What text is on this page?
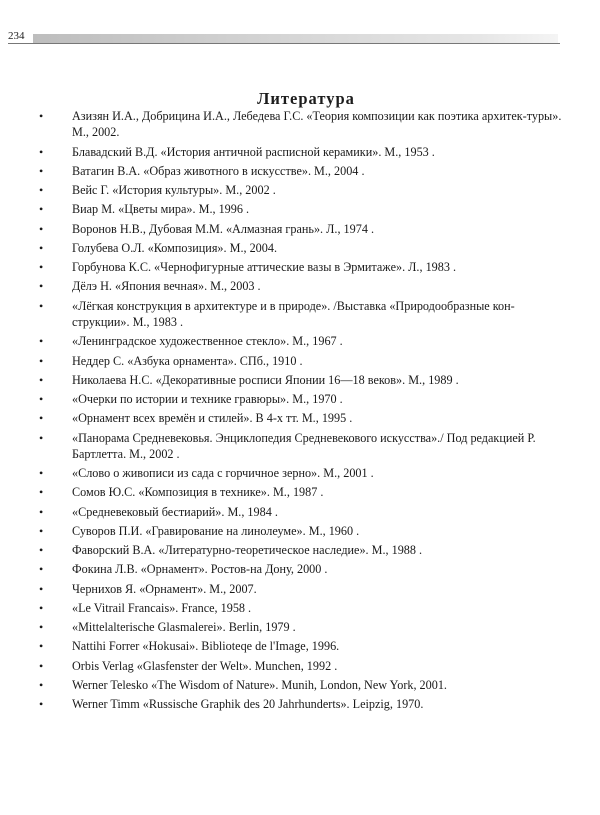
234
Литература
• Азизян И.А., Добрицина И.А., Лебедева Г.С. «Теория композиции как поэтика архитек-туры». М., 2002.
• Блавадский В.Д. «История античной расписной керамики». М., 1953 .
• Ватагин В.А. «Образ животного в искусстве». М., 2004 .
• Вейс Г. «История культуры». М., 2002 .
• Виар М. «Цветы мира». М., 1996 .
• Воронов Н.В., Дубовая М.М. «Алмазная грань». Л., 1974 .
• Голубева О.Л. «Композиция». М., 2004.
• Горбунова К.С. «Чернофигурные аттические вазы в Эрмитаже». Л., 1983 .
• Дёлэ Н. «Япония вечная». М., 2003 .
• «Лёгкая конструкция в архитектуре и в природе». /Выставка «Природообразные кон-струкции». М., 1983 .
• «Ленинградское художественное стекло». М., 1967 .
• Неддер С. «Азбука орнамента». СПб., 1910 .
• Николаева Н.С. «Декоративные росписи Японии 16—18 веков». М., 1989 .
• «Очерки по истории и технике гравюры». М., 1970 .
• «Орнамент всех времён и стилей». В 4-х тт. М., 1995 .
• «Панорама Средневековья. Энциклопедия Средневекового искусства»./ Под редакцией Р. Бартлетта. М., 2002 .
• «Слово о живописи из сада с горчичное зерно». М., 2001 .
• Сомов Ю.С. «Композиция в технике». М., 1987 .
• «Средневековый бестиарий». М., 1984 .
• Суворов П.И. «Гравирование на линолеуме». М., 1960 .
• Фаворский В.А. «Литературно-теоретическое наследие». М., 1988 .
• Фокина Л.В. «Орнамент». Ростов-на Дону, 2000 .
• Чернихов Я. «Орнамент». М., 2007.
• «Le Vitrail Francais». France, 1958 .
• «Mittelalterische Glasmalerei». Berlin, 1979 .
• Nattihi Forrer «Hokusai». Biblioteqe de l'Image, 1996.
• Orbis Verlag «Glasfenster der Welt». Munchen, 1992 .
• Werner Telesko «The Wisdom of Nature». Munih, London, New York, 2001.
• Werner Timm «Russische Graphik des 20 Jahrhunderts». Leipzig, 1970.
